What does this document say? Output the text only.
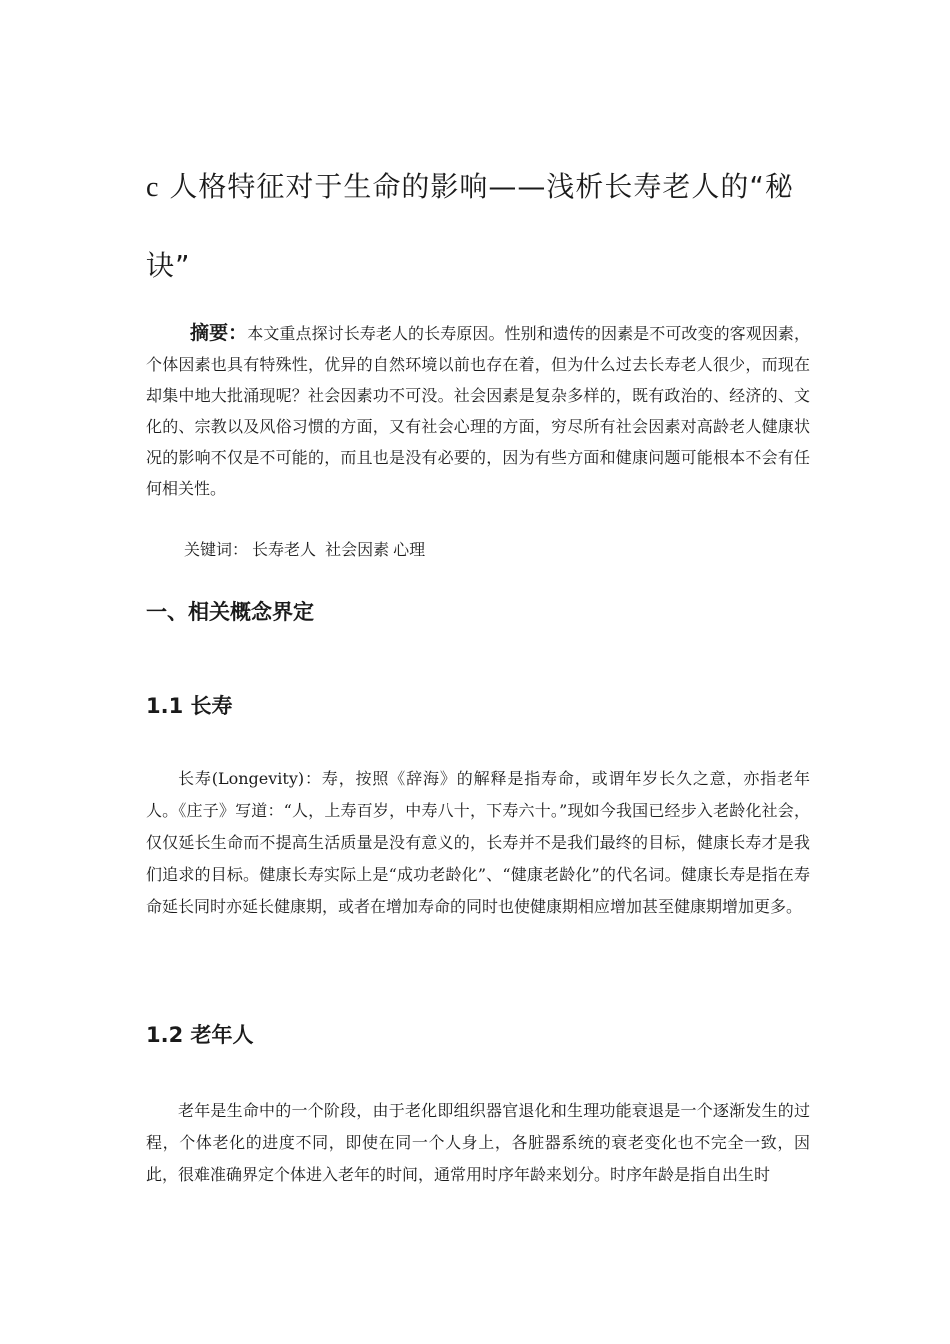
c 人格特征对于生命的影响——浅析长寿老人的“秘诀”

摘要：本文重点探讨长寿老人的长寿原因。性别和遗传的因素是不可改变的客观因素，个体因素也具有特殊性，优异的自然环境以前也存在着，但为什么过去长寿老人很少，而现在却集中地大批涌现呢？社会因素功不可没。社会因素是复杂多样的，既有政治的、经济的、文化的、宗教以及风俗习惯的方面，又有社会心理的方面，穷尽所有社会因素对高龄老人健康状况的影响不仅是不可能的，而且也是没有必要的，因为有些方面和健康问题可能根本不会有任何相关性。

关键词： 长寿老人 社会因素 心理

一、相关概念界定
1.1 长寿

长寿(Longevity)：寿，按照《辞海》的解释是指寿命，或谓年岁长久之意，亦指老年人。《庄子》写道：“人，上寿百岁，中寿八十，下寿六十。”现如今我国已经步入老龄化社会，仅仅延长生命而不提高生活质量是没有意义的，长寿并不是我们最终的目标，健康长寿才是我们追求的目标。健康长寿实际上是“成功老龄化”、“健康老龄化”的代名词。健康长寿是指在寿命延长同时亦延长健康期，或者在增加寿命的同时也使健康期相应增加甚至健康期增加更多。

1.2 老年人

老年是生命中的一个阶段，由于老化即组织器官退化和生理功能衰退是一个逐渐发生的过程，个体老化的进度不同，即使在同一个人身上，各脏器系统的衰老变化也不完全一致，因此，很难准确界定个体进入老年的时间，通常用时序年龄来划分。时序年龄是指自出生时
